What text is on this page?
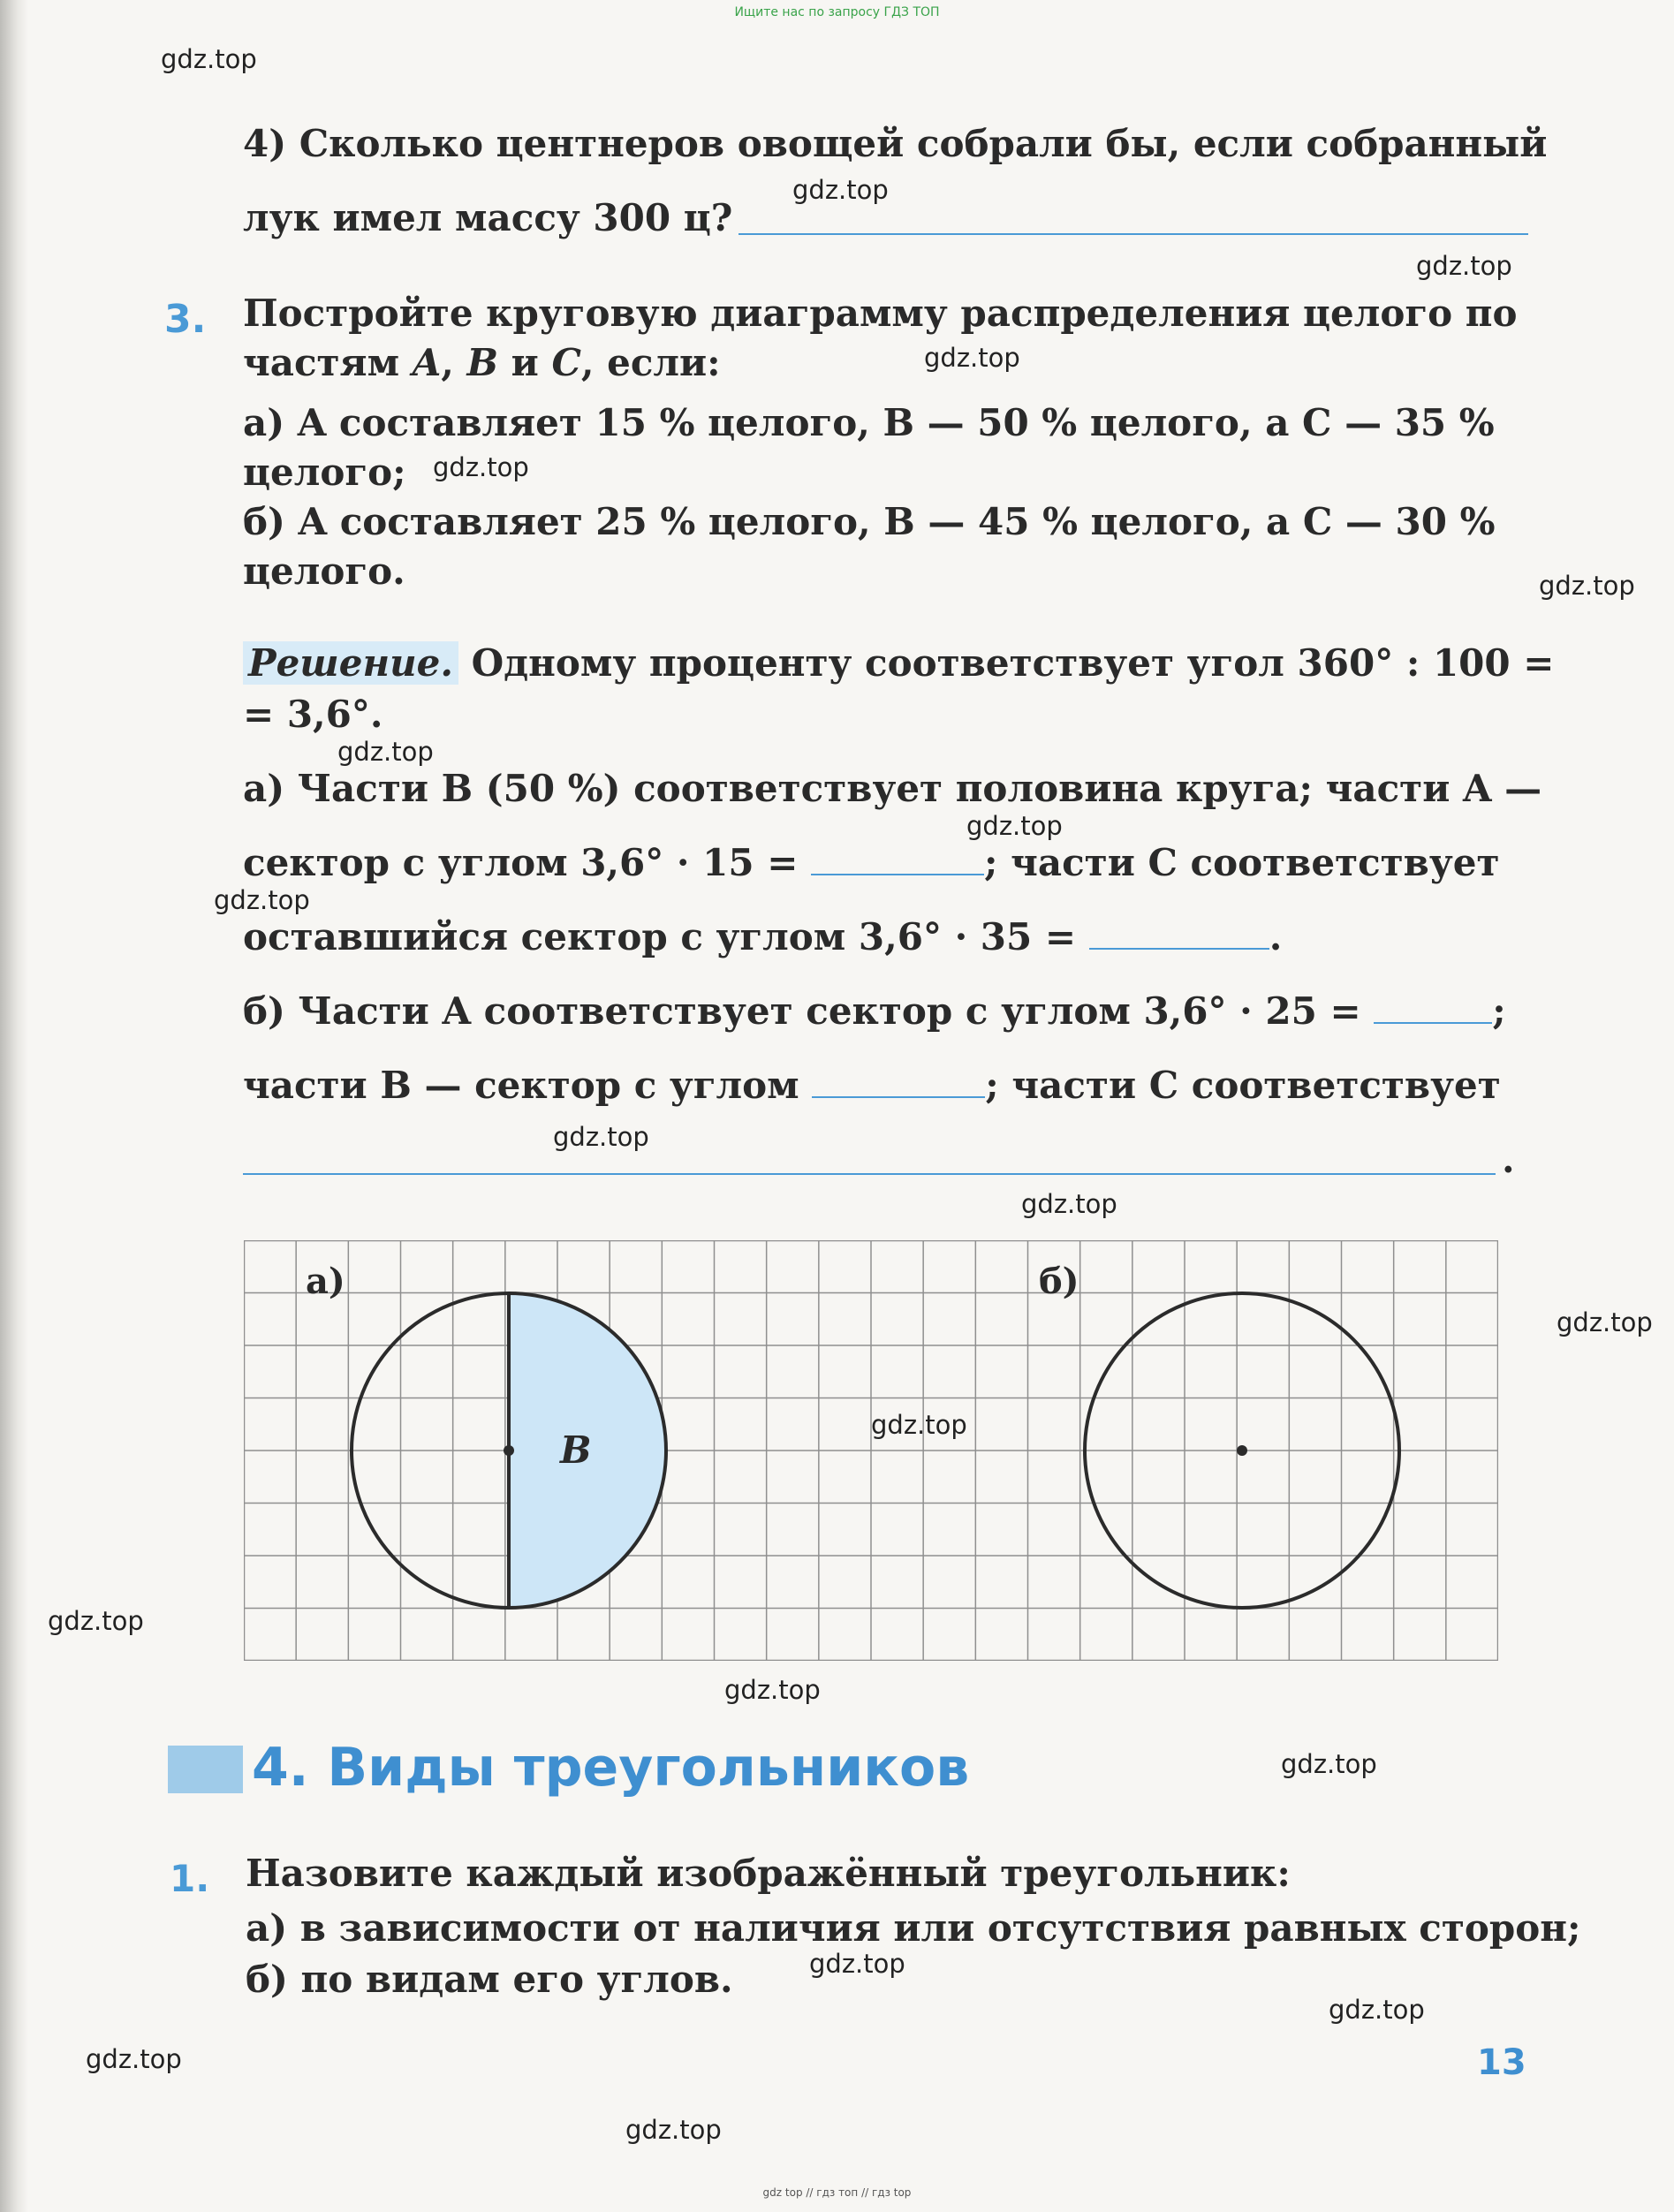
Ищите нас по запросу ГДЗ ТОП
4) Сколько центнеров овощей собрали бы, если собранный
лук имел массу 300 ц?
3. Постройте круговую диаграмму распределения целого по
частям A, B и C, если:
а) A составляет 15 % целого, B — 50 % целого, а C — 35 %
целого;
б) A составляет 25 % целого, B — 45 % целого, а C — 30 %
целого.
Решение. Одному проценту соответствует угол 360° : 100 =
= 3,6°.
а) Части B (50 %) соответствует половина круга; части A —
сектор с углом 3,6° · 15 =	; части C соответствует
оставшийся сектор с углом 3,6° · 35 =	.
б) Части A соответствует сектор с углом 3,6° · 25 =	;
части B — сектор с углом	; части C соответствует
.
а)
B
б)
4. Виды треугольников
1. Назовите каждый изображённый треугольник:
а) в зависимости от наличия или отсутствия равных сторон;
б) по видам его углов.
13
gdz.top
gdz.top
gdz.top
gdz.top
gdz.top
gdz.top
gdz.top
gdz.top
gdz.top
gdz.top
gdz.top
gdz.top
gdz.top
gdz.top
gdz.top
gdz.top
gdz.top
gdz.top
gdz.top
gdz.top
gdz top // гдз топ // гдз top
